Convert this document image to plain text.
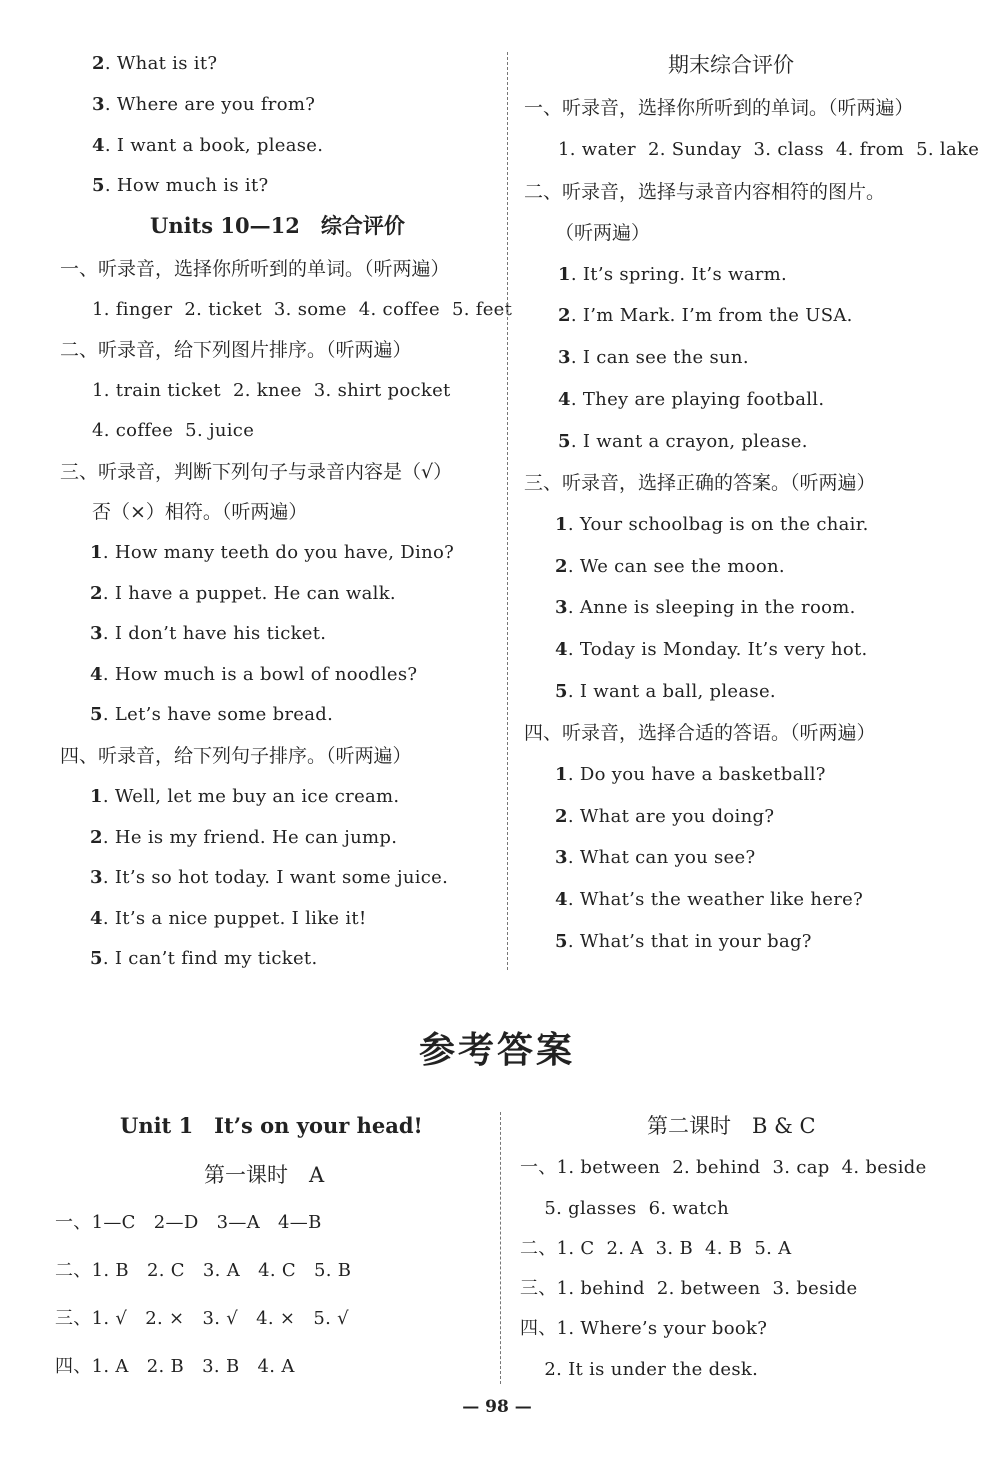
2. What is it?
3. Where are you from?
4. I want a book, please.
5. How much is it?
Units 10—12　综合评价
一、听录音，选择你所听到的单词。（听两遍）
1. finger  2. ticket  3. some  4. coffee  5. feet
二、听录音，给下列图片排序。（听两遍）
1. train ticket  2. knee  3. shirt pocket
4. coffee  5. juice
三、听录音，判断下列句子与录音内容是（√）
否（×）相符。（听两遍）
1. How many teeth do you have, Dino?
2. I have a puppet. He can walk.
3. I don’t have his ticket.
4. How much is a bowl of noodles?
5. Let’s have some bread.
四、听录音，给下列句子排序。（听两遍）
1. Well, let me buy an ice cream.
2. He is my friend. He can jump.
3. It’s so hot today. I want some juice.
4. It’s a nice puppet. I like it!
5. I can’t find my ticket.
期末综合评价
一、听录音，选择你所听到的单词。（听两遍）
1. water  2. Sunday  3. class  4. from  5. lake
二、听录音，选择与录音内容相符的图片。
（听两遍）
1. It’s spring. It’s warm.
2. I’m Mark. I’m from the USA.
3. I can see the sun.
4. They are playing football.
5. I want a crayon, please.
三、听录音，选择正确的答案。（听两遍）
1. Your schoolbag is on the chair.
2. We can see the moon.
3. Anne is sleeping in the room.
4. Today is Monday. It’s very hot.
5. I want a ball, please.
四、听录音，选择合适的答语。（听两遍）
1. Do you have a basketball?
2. What are you doing?
3. What can you see?
4. What’s the weather like here?
5. What’s that in your bag?
参考答案
Unit 1　It’s on your head!
第一课时　A
一、1—C   2—D   3—A   4—B
二、1. B   2. C   3. A   4. C   5. B
三、1. √   2. ×   3. √   4. ×   5. √
四、1. A   2. B   3. B   4. A
第二课时　B & C
一、1. between  2. behind  3. cap  4. beside
　 5. glasses  6. watch
二、1. C  2. A  3. B  4. B  5. A
三、1. behind  2. between  3. beside
四、1. Where’s your book?
　 2. It is under the desk.
— 98 —
